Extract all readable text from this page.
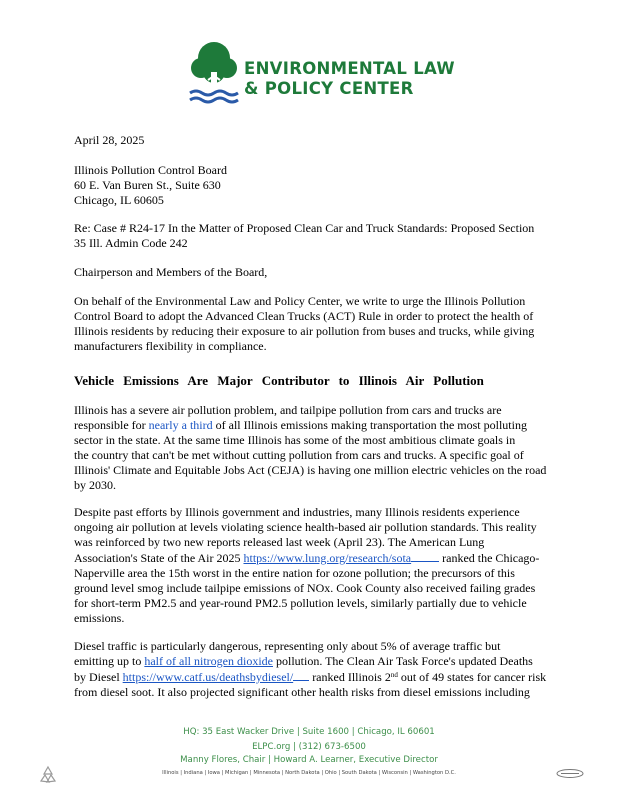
ENVIRONMENTAL LAW
& POLICY CENTER
April 28, 2025
Illinois Pollution Control Board
60 E. Van Buren St., Suite 630
Chicago, IL 60605
Re: Case # R24-17 In the Matter of Proposed Clean Car and Truck Standards: Proposed Section
35 Ill. Admin Code 242
Chairperson and Members of the Board,
On behalf of the Environmental Law and Policy Center, we write to urge the Illinois Pollution
Control Board to adopt the Advanced Clean Trucks (ACT) Rule in order to protect the health of
Illinois residents by reducing their exposure to air pollution from buses and trucks, while giving
manufacturers flexibility in compliance.
Vehicle Emissions Are Major Contributor to Illinois Air Pollution
Illinois has a severe air pollution problem, and tailpipe pollution from cars and trucks are
responsible for nearly a third of all Illinois emissions making transportation the most polluting
sector in the state. At the same time Illinois has some of the most ambitious climate goals in
the country that can't be met without cutting pollution from cars and trucks. A specific goal of
Illinois' Climate and Equitable Jobs Act (CEJA) is having one million electric vehicles on the road
by 2030.
Despite past efforts by Illinois government and industries, many Illinois residents experience
ongoing air pollution at levels violating science health-based air pollution standards. This reality
was reinforced by two new reports released last week (April 23). The American Lung
Association's State of the Air 2025 https://www.lung.org/research/sota	ranked the Chicago-
Naperville area the 15th worst in the entire nation for ozone pollution; the precursors of this
ground level smog include tailpipe emissions of NOx. Cook County also received failing grades
for short-term PM2.5 and year-round PM2.5 pollution levels, similarly partially due to vehicle
emissions.
Diesel traffic is particularly dangerous, representing only about 5% of average traffic but
emitting up to half of all nitrogen dioxide pollution. The Clean Air Task Force's updated Deaths
by Diesel https://www.catf.us/deathsbydiesel/ ranked Illinois 2nd out of 49 states for cancer risk
from diesel soot. It also projected significant other health risks from diesel emissions including
HQ: 35 East Wacker Drive | Suite 1600 | Chicago, IL 60601
ELPC.org | (312) 673-6500
Manny Flores, Chair | Howard A. Learner, Executive Director
Illinois | Indiana | Iowa | Michigan | Minnesota | North Dakota | Ohio | South Dakota | Wisconsin | Washington D.C.
